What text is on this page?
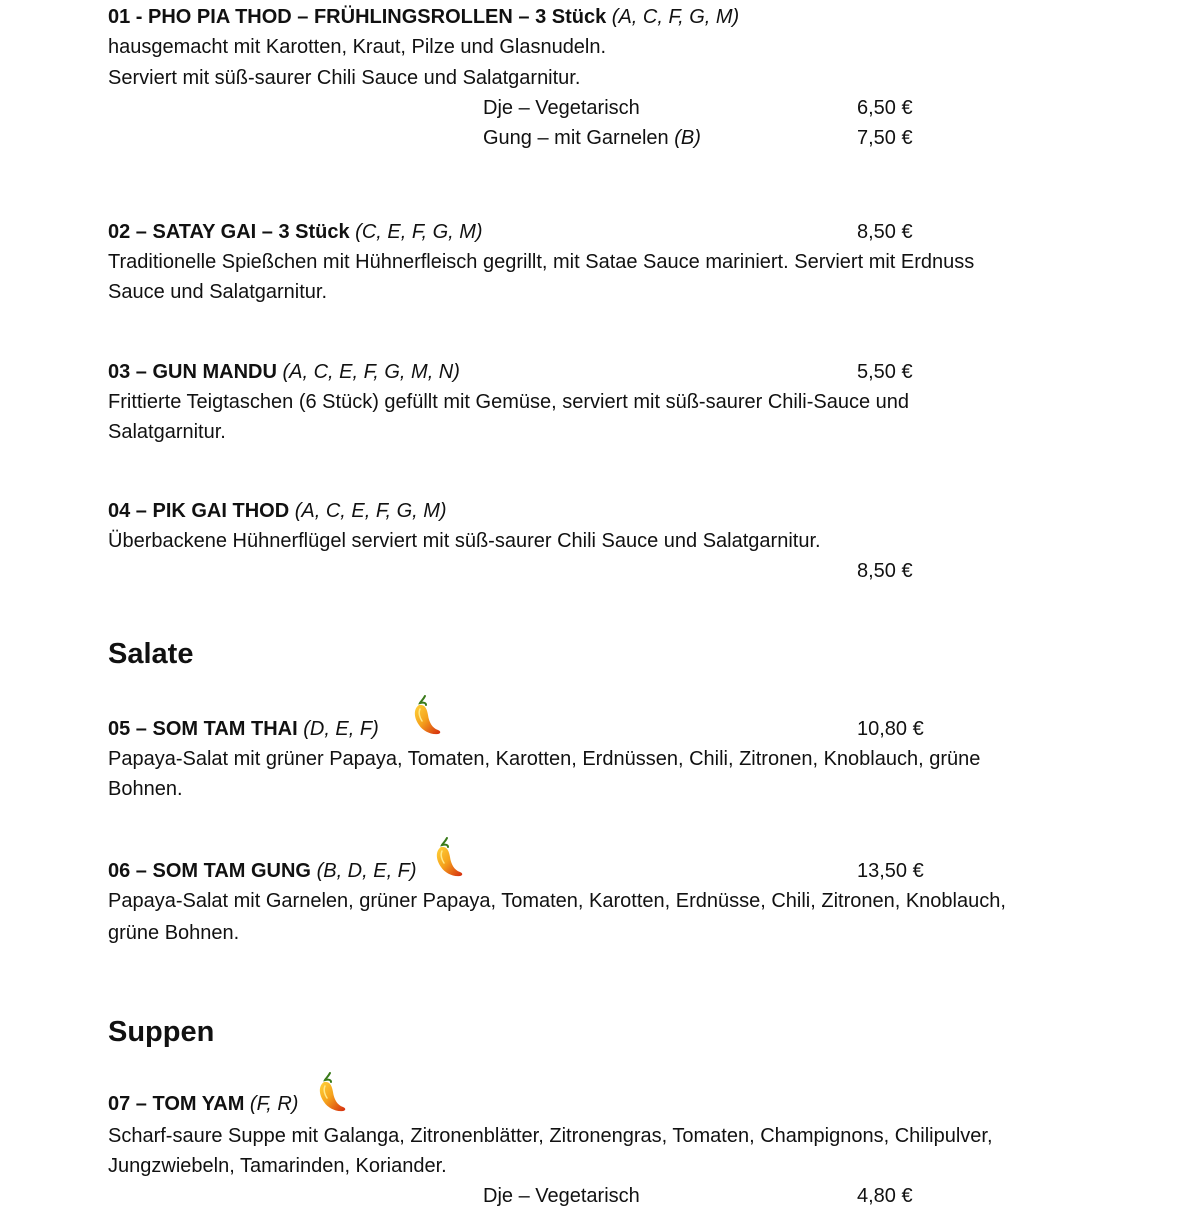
01 - PHO PIA THOD – FRÜHLINGSROLLEN – 3 Stück (A, C, F, G, M)
hausgemacht mit Karotten, Kraut, Pilze und Glasnudeln.
Serviert mit süß-saurer Chili Sauce und Salatgarnitur.
Dje – Vegetarisch	6,50 €
Gung – mit Garnelen (B)	7,50 €
02 – SATAY GAI – 3 Stück (C, E, F, G, M)	8,50 €
Traditionelle Spießchen mit Hühnerfleisch gegrillt, mit Satae Sauce mariniert. Serviert mit Erdnuss
Sauce und Salatgarnitur.
03 – GUN MANDU (A, C, E, F, G, M, N)	5,50 €
Frittierte Teigtaschen (6 Stück) gefüllt mit Gemüse, serviert mit süß-saurer Chili-Sauce und
Salatgarnitur.
04 – PIK GAI THOD (A, C, E, F, G, M)
Überbackene Hühnerflügel serviert mit süß-saurer Chili Sauce und Salatgarnitur.
8,50 €
Salate
05 – SOM TAM THAI (D, E, F)	10,80 €
Papaya-Salat mit grüner Papaya, Tomaten, Karotten, Erdnüssen, Chili, Zitronen, Knoblauch, grüne
Bohnen.
06 – SOM TAM GUNG (B, D, E, F)	13,50 €
Papaya-Salat mit Garnelen, grüner Papaya, Tomaten, Karotten, Erdnüsse, Chili, Zitronen, Knoblauch,
grüne Bohnen.
Suppen
07 – TOM YAM (F, R)
Scharf-saure Suppe mit Galanga, Zitronenblätter, Zitronengras, Tomaten, Champignons, Chilipulver,
Jungzwiebeln, Tamarinden, Koriander.
Dje – Vegetarisch	4,80 €
